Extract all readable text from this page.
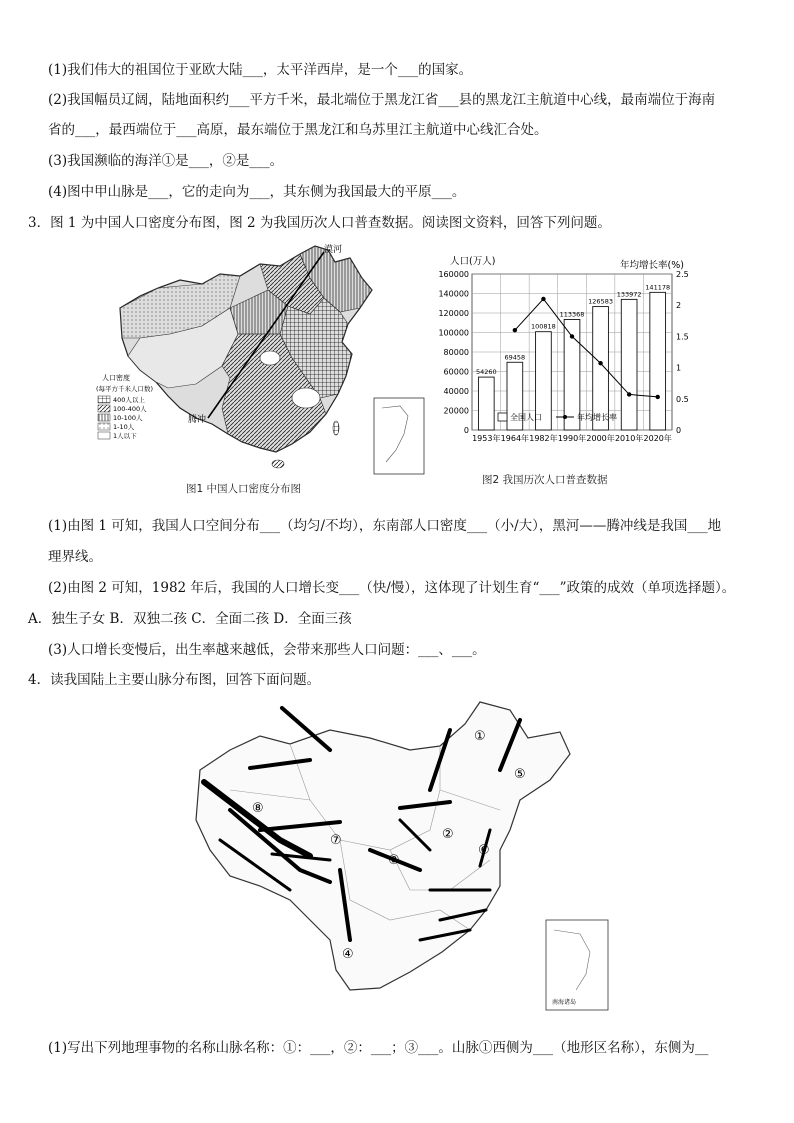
(1)我们伟大的祖国位于亚欧大陆___，太平洋西岸，是一个___的国家。
(2)我国幅员辽阔，陆地面积约___平方千米，最北端位于黑龙江省___县的黑龙江主航道中心线，最南端位于海南
省的___，最西端位于___高原，最东端位于黑龙江和乌苏里江主航道中心线汇合处。
(3)我国濒临的海洋①是___，②是___。
(4)图中甲山脉是___，它的走向为___，其东侧为我国最大的平原___。
3．图 1 为中国人口密度分布图，图 2 为我国历次人口普查数据。阅读图文资料，回答下列问题。
漠河
腾冲
人口密度
(每平方千米人口数)
400人以上
100-400人
10-100人
1-10人
1人以下
图1 中国人口密度分布图
人口(万人)	年均增长率(%)
0
20000
40000
60000
80000
100000
120000
140000
160000
0
0.5
1
1.5
2
2.5
54260
1953年
69458
1964年
100818
1982年
113368
1990年
126583
2000年
133972
2010年
141178
2020年
全国人口	年均增长率
图2 我国历次人口普查数据
(1)由图 1 可知，我国人口空间分布___（均匀/不均），东南部人口密度___（小/大），黑河——腾冲线是我国___地
理界线。
(2)由图 2 可知，1982 年后，我国的人口增长变___（快/慢），这体现了计划生育“___”政策的成效（单项选择题）。
A．独生子女 B．双独二孩 C．全面二孩 D．全面三孩
(3)人口增长变慢后，出生率越来越低，会带来那些人口问题：___、___。
4．读我国陆上主要山脉分布图，回答下面问题。
①
②
③
④
⑤
⑥
⑦
⑧
南海诸岛
(1)写出下列地理事物的名称山脉名称：①：___，②：___；③___。山脉①西侧为___（地形区名称），东侧为__
